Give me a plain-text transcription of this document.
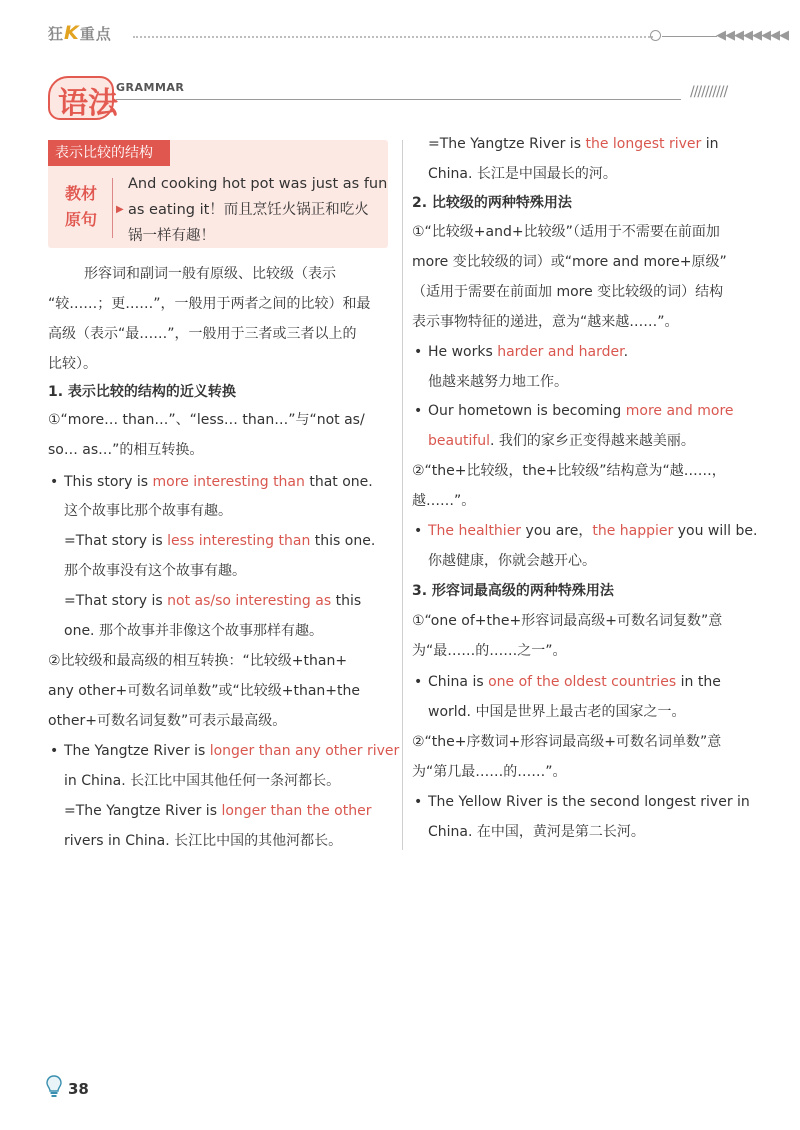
狂K重点	◀◀◀◀◀◀◀◀
语法
GRAMMAR	//////////
表示比较的结构
教材
原句
And cooking hot pot was just as fun
▶ as eating it！而且烹饪火锅正和吃火
锅一样有趣！
形容词和副词一般有原级、比较级（表示
“较……；更……”，一般用于两者之间的比较）和最
高级（表示“最……”，一般用于三者或三者以上的
比较）。
1. 表示比较的结构的近义转换
①“more… than…”、“less… than…”与“not as/
so… as…”的相互转换。
• This story is more interesting than that one.
这个故事比那个故事有趣。
=That story is less interesting than this one.
那个故事没有这个故事有趣。
=That story is not as/so interesting as this
one. 那个故事并非像这个故事那样有趣。
②比较级和最高级的相互转换：“比较级+than+
any other+可数名词单数”或“比较级+than+the
other+可数名词复数”可表示最高级。
• The Yangtze River is longer than any other river
in China. 长江比中国其他任何一条河都长。
=The Yangtze River is longer than the other
rivers in China. 长江比中国的其他河都长。
=The Yangtze River is the longest river in
China. 长江是中国最长的河。
2. 比较级的两种特殊用法
①“比较级+and+比较级”（适用于不需要在前面加
more 变比较级的词）或“more and more+原级”
（适用于需要在前面加 more 变比较级的词）结构
表示事物特征的递进，意为“越来越……”。
• He works harder and harder.
他越来越努力地工作。
• Our hometown is becoming more and more
beautiful. 我们的家乡正变得越来越美丽。
②“the+比较级，the+比较级”结构意为“越……，
越……”。
• The healthier you are，the happier you will be.
你越健康，你就会越开心。
3. 形容词最高级的两种特殊用法
①“one of+the+形容词最高级+可数名词复数”意
为“最……的……之一”。
• China is one of the oldest countries in the
world. 中国是世界上最古老的国家之一。
②“the+序数词+形容词最高级+可数名词单数”意
为“第几最……的……”。
• The Yellow River is the second longest river in
China. 在中国，黄河是第二长河。
38
